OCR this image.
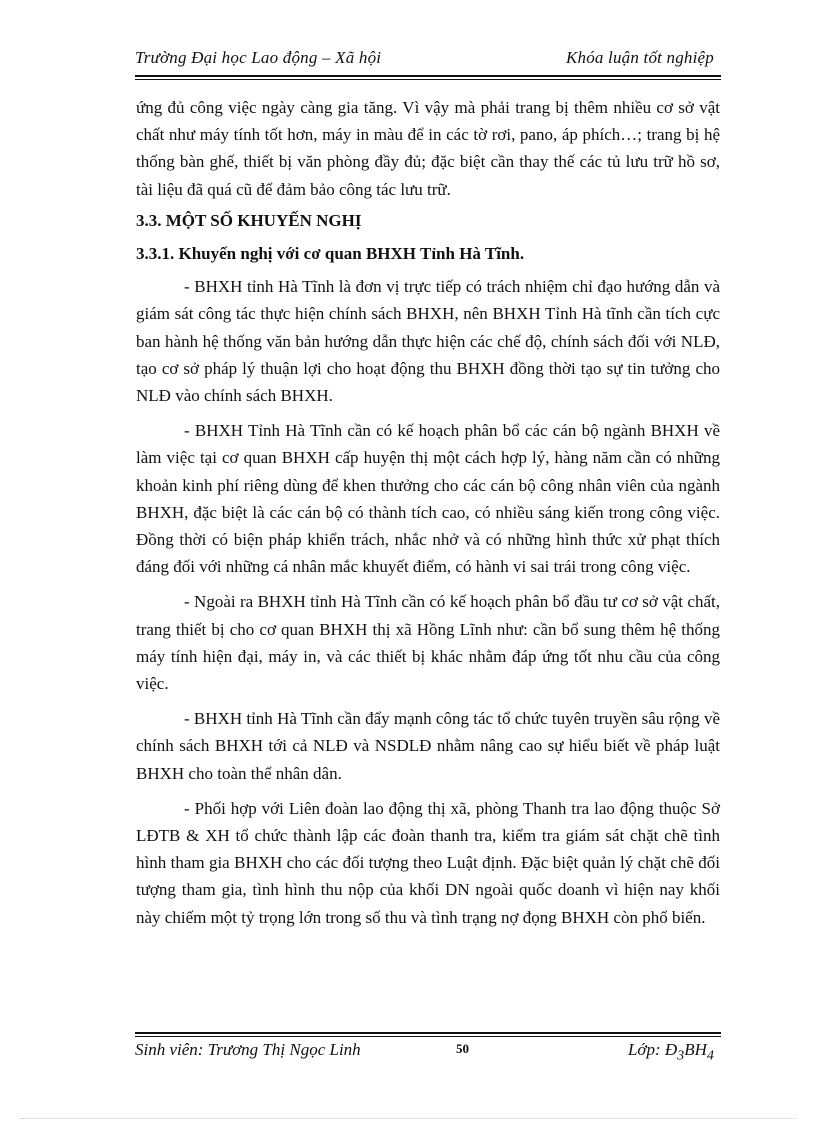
Trường Đại học Lao động – Xã hội	Khóa luận tốt nghiệp

ứng đủ công việc ngày càng gia tăng. Vì vậy mà phải trang bị thêm nhiều cơ sở vật chất như máy tính tốt hơn, máy in màu để in các tờ rơi, pano, áp phích…; trang bị hệ thống bàn ghế, thiết bị văn phòng đầy đủ; đặc biệt cần thay thế các tủ lưu trữ hồ sơ, tài liệu đã quá cũ để đảm bảo công tác lưu trữ.

3.3. MỘT SỐ KHUYẾN NGHỊ

3.3.1. Khuyến nghị với cơ quan BHXH Tỉnh Hà Tĩnh.

- BHXH tỉnh Hà Tĩnh là đơn vị trực tiếp có trách nhiệm chỉ đạo hướng dẫn và giám sát công tác thực hiện chính sách BHXH, nên BHXH Tỉnh Hà tĩnh cần tích cực ban hành hệ thống văn bản hướng dẫn thực hiện các chế độ, chính sách đối với NLĐ, tạo cơ sở pháp lý thuận lợi cho hoạt động thu BHXH đồng thời tạo sự tin tưởng cho NLĐ vào chính sách BHXH.

- BHXH Tỉnh Hà Tĩnh cần có kế hoạch phân bổ các cán bộ ngành BHXH về làm việc tại cơ quan BHXH cấp huyện thị một cách hợp lý, hàng năm cần có những khoản kinh phí riêng dùng để khen thưởng cho các cán bộ công nhân viên của ngành BHXH, đặc biệt là các cán bộ có thành tích cao, có nhiều sáng kiến trong công việc. Đồng thời có biện pháp khiển trách, nhắc nhở và có những hình thức xử phạt thích đáng đối với những cá nhân mắc khuyết điểm, có hành vi sai trái trong công việc.

- Ngoài ra BHXH tỉnh Hà Tĩnh cần có kế hoạch phân bổ đầu tư cơ sở vật chất, trang thiết bị cho cơ quan BHXH thị xã Hồng Lĩnh như: cần bổ sung thêm hệ thống máy tính hiện đại, máy in, và các thiết bị khác nhằm đáp ứng tốt nhu cầu của công việc.

- BHXH tỉnh Hà Tĩnh cần đẩy mạnh công tác tổ chức tuyên truyền sâu rộng về chính sách BHXH tới cả NLĐ và NSDLĐ nhằm nâng cao sự hiểu biết về pháp luật BHXH cho toàn thể nhân dân.

- Phối hợp với Liên đoàn lao động thị xã, phòng Thanh tra lao động thuộc Sở LĐTB & XH tổ chức thành lập các đoàn thanh tra, kiểm tra giám sát chặt chẽ tình hình tham gia BHXH cho các đối tượng theo Luật định. Đặc biệt quản lý chặt chẽ đối tượng tham gia, tình hình thu nộp của khối DN ngoài quốc doanh vì hiện nay khối này chiếm một tỷ trọng lớn trong số thu và tình trạng nợ đọng BHXH còn phổ biến.

Sinh viên: Trương Thị Ngọc Linh	50	Lớp: $Đ_3BH_4$
